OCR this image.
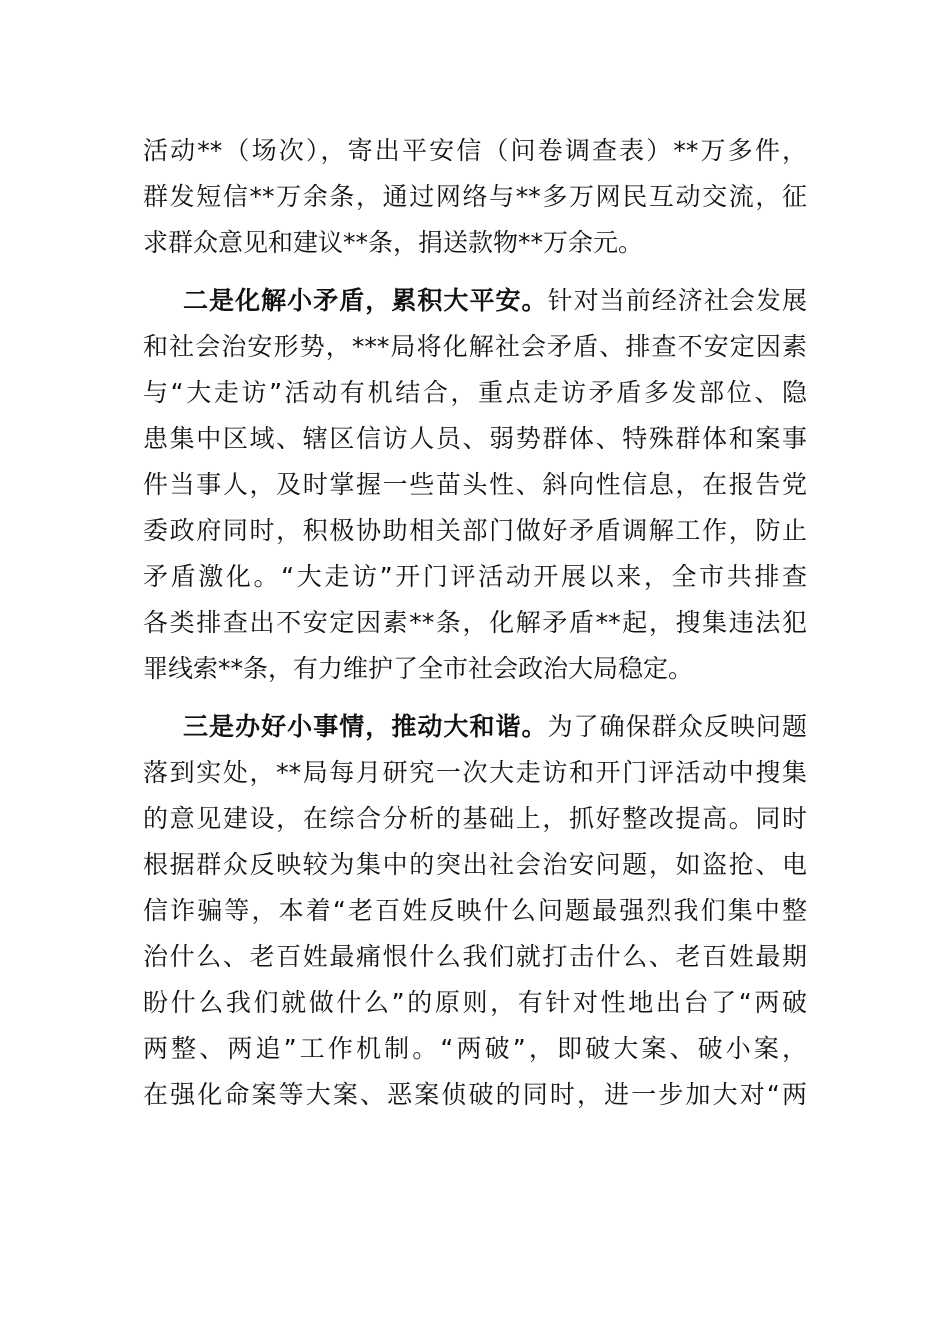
活动**（场次），寄出平安信（问卷调查表）**万多件，
群发短信**万余条，通过网络与**多万网民互动交流，征
求群众意见和建议**条，捐送款物**万余元。
二是化解小矛盾，累积大平安。针对当前经济社会发展
和社会治安形势，***局将化解社会矛盾、排查不安定因素
与“大走访”活动有机结合，重点走访矛盾多发部位、隐
患集中区域、辖区信访人员、弱势群体、特殊群体和案事
件当事人，及时掌握一些苗头性、斜向性信息，在报告党
委政府同时，积极协助相关部门做好矛盾调解工作，防止
矛盾激化。“大走访”开门评活动开展以来，全市共排查
各类排查出不安定因素**条，化解矛盾**起，搜集违法犯
罪线索**条，有力维护了全市社会政治大局稳定。
三是办好小事情，推动大和谐。为了确保群众反映问题
落到实处，**局每月研究一次大走访和开门评活动中搜集
的意见建设，在综合分析的基础上，抓好整改提高。同时
根据群众反映较为集中的突出社会治安问题，如盗抢、电
信诈骗等，本着“老百姓反映什么问题最强烈我们集中整
治什么、老百姓最痛恨什么我们就打击什么、老百姓最期
盼什么我们就做什么”的原则，有针对性地出台了“两破
两整、两追”工作机制。“两破”，即破大案、破小案，
在强化命案等大案、恶案侦破的同时，进一步加大对“两
